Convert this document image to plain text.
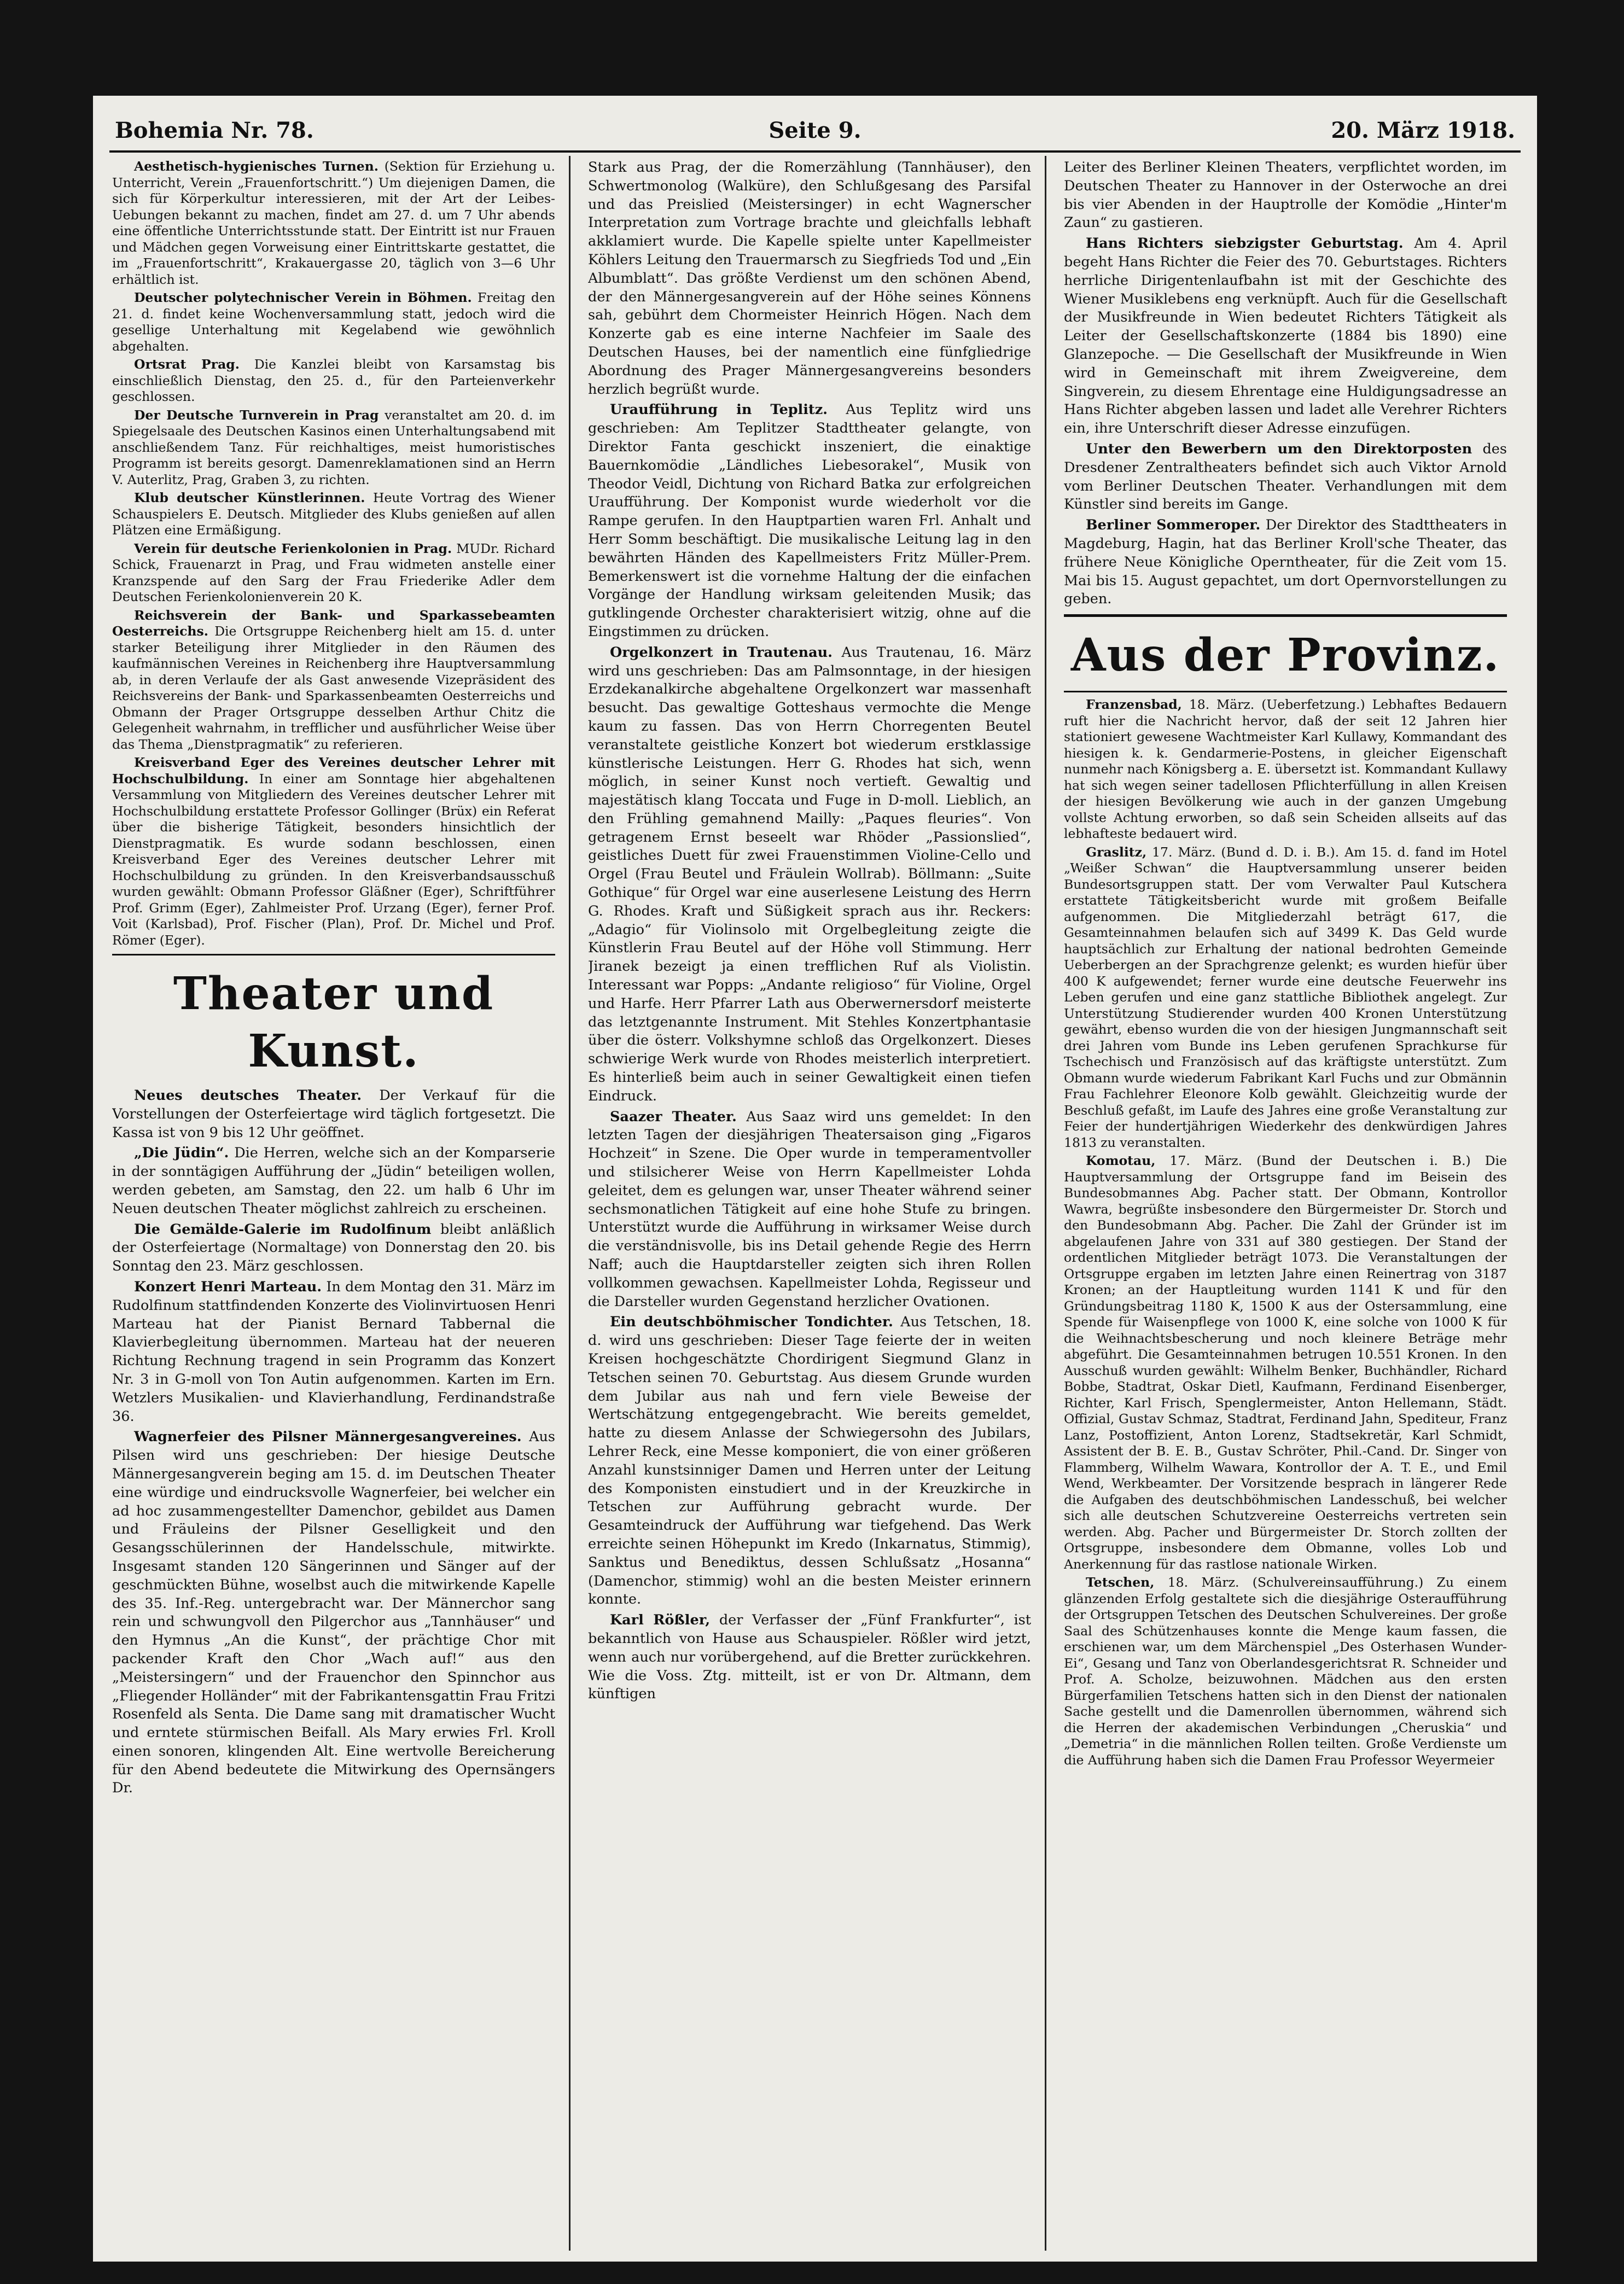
Bohemia Nr. 78.	Seite 9.	20. März 1918.

Aesthetisch-hygienisches Turnen. (Sektion für Erziehung u. Unterricht, Verein „Frauenfortschritt.“) Um diejenigen Damen, die sich für Körperkultur interessieren, mit der Art der Leibes-Uebungen bekannt zu machen, findet am 27. d. um 7 Uhr abends eine öffentliche Unterrichtsstunde statt. Der Eintritt ist nur Frauen und Mädchen gegen Vorweisung einer Eintrittskarte gestattet, die im „Frauenfortschritt“, Krakauergasse 20, täglich von 3—6 Uhr erhältlich ist.

Deutscher polytechnischer Verein in Böhmen. Freitag den 21. d. findet keine Wochenversammlung statt, jedoch wird die gesellige Unterhaltung mit Kegelabend wie gewöhnlich abgehalten.

Ortsrat Prag. Die Kanzlei bleibt von Karsamstag bis einschließlich Dienstag, den 25. d., für den Parteienverkehr geschlossen.

Der Deutsche Turnverein in Prag veranstaltet am 20. d. im Spiegelsaale des Deutschen Kasinos einen Unterhaltungsabend mit anschließendem Tanz. Für reichhaltiges, meist humoristisches Programm ist bereits gesorgt. Damenreklamationen sind an Herrn V. Auterlitz, Prag, Graben 3, zu richten.

Klub deutscher Künstlerinnen. Heute Vortrag des Wiener Schauspielers E. Deutsch. Mitglieder des Klubs genießen auf allen Plätzen eine Ermäßigung.

Verein für deutsche Ferienkolonien in Prag. MUDr. Richard Schick, Frauenarzt in Prag, und Frau widmeten anstelle einer Kranzspende auf den Sarg der Frau Friederike Adler dem Deutschen Ferienkolonienverein 20 K.

Reichsverein der Bank- und Sparkassebeamten Oesterreichs. Die Ortsgruppe Reichenberg hielt am 15. d. unter starker Beteiligung ihrer Mitglieder in den Räumen des kaufmännischen Vereines in Reichenberg ihre Hauptversammlung ab, in deren Verlaufe der als Gast anwesende Vizepräsident des Reichsvereins der Bank- und Sparkassenbeamten Oesterreichs und Obmann der Prager Ortsgruppe desselben Arthur Chitz die Gelegenheit wahrnahm, in trefflicher und ausführlicher Weise über das Thema „Dienstpragmatik“ zu referieren.

Kreisverband Eger des Vereines deutscher Lehrer mit Hochschulbildung. In einer am Sonntage hier abgehaltenen Versammlung von Mitgliedern des Vereines deutscher Lehrer mit Hochschulbildung erstattete Professor Gollinger (Brüx) ein Referat über die bisherige Tätigkeit, besonders hinsichtlich der Dienstpragmatik. Es wurde sodann beschlossen, einen Kreisverband Eger des Vereines deutscher Lehrer mit Hochschulbildung zu gründen. In den Kreisverbandsausschuß wurden gewählt: Obmann Professor Gläßner (Eger), Schriftführer Prof. Grimm (Eger), Zahlmeister Prof. Urzang (Eger), ferner Prof. Voit (Karlsbad), Prof. Fischer (Plan), Prof. Dr. Michel und Prof. Römer (Eger).

Theater und Kunst.

Neues deutsches Theater. Der Verkauf für die Vorstellungen der Osterfeiertage wird täglich fortgesetzt. Die Kassa ist von 9 bis 12 Uhr geöffnet.

„Die Jüdin“. Die Herren, welche sich an der Komparserie in der sonntägigen Aufführung der „Jüdin“ beteiligen wollen, werden gebeten, am Samstag, den 22. um halb 6 Uhr im Neuen deutschen Theater möglichst zahlreich zu erscheinen.

Die Gemälde-Galerie im Rudolfinum bleibt anläßlich der Osterfeiertage (Normaltage) von Donnerstag den 20. bis Sonntag den 23. März geschlossen.

Konzert Henri Marteau. In dem Montag den 31. März im Rudolfinum stattfindenden Konzerte des Violinvirtuosen Henri Marteau hat der Pianist Bernard Tabbernal die Klavierbegleitung übernommen. Marteau hat der neueren Richtung Rechnung tragend in sein Programm das Konzert Nr. 3 in G-moll von Ton Autin aufgenommen. Karten im Ern. Wetzlers Musikalien- und Klavierhandlung, Ferdinandstraße 36.

Wagnerfeier des Pilsner Männergesangvereines. Aus Pilsen wird uns geschrieben: Der hiesige Deutsche Männergesangverein beging am 15. d. im Deutschen Theater eine würdige und eindrucksvolle Wagnerfeier, bei welcher ein ad hoc zusammengestellter Damenchor, gebildet aus Damen und Fräuleins der Pilsner Geselligkeit und den Gesangsschülerinnen der Handelsschule, mitwirkte. Insgesamt standen 120 Sängerinnen und Sänger auf der geschmückten Bühne, woselbst auch die mitwirkende Kapelle des 35. Inf.-Reg. untergebracht war. Der Männerchor sang rein und schwungvoll den Pilgerchor aus „Tannhäuser“ und den Hymnus „An die Kunst“, der prächtige Chor mit packender Kraft den Chor „Wach auf!“ aus den „Meistersingern“ und der Frauenchor den Spinnchor aus „Fliegender Holländer“ mit der Fabrikantensgattin Frau Fritzi Rosenfeld als Senta. Die Dame sang mit dramatischer Wucht und erntete stürmischen Beifall. Als Mary erwies Frl. Kroll einen sonoren, klingenden Alt. Eine wertvolle Bereicherung für den Abend bedeutete die Mitwirkung des Opernsängers Dr.

Stark aus Prag, der die Romerzählung (Tannhäuser), den Schwertmonolog (Walküre), den Schlußgesang des Parsifal und das Preislied (Meistersinger) in echt Wagnerscher Interpretation zum Vortrage brachte und gleichfalls lebhaft akklamiert wurde. Die Kapelle spielte unter Kapellmeister Köhlers Leitung den Trauermarsch zu Siegfrieds Tod und „Ein Albumblatt“. Das größte Verdienst um den schönen Abend, der den Männergesangverein auf der Höhe seines Könnens sah, gebührt dem Chormeister Heinrich Högen. Nach dem Konzerte gab es eine interne Nachfeier im Saale des Deutschen Hauses, bei der namentlich eine fünfgliedrige Abordnung des Prager Männergesangvereins besonders herzlich begrüßt wurde.

Uraufführung in Teplitz. Aus Teplitz wird uns geschrieben: Am Teplitzer Stadttheater gelangte, von Direktor Fanta geschickt inszeniert, die einaktige Bauernkomödie „Ländliches Liebesorakel“, Musik von Theodor Veidl, Dichtung von Richard Batka zur erfolgreichen Uraufführung. Der Komponist wurde wiederholt vor die Rampe gerufen. In den Hauptpartien waren Frl. Anhalt und Herr Somm beschäftigt. Die musikalische Leitung lag in den bewährten Händen des Kapellmeisters Fritz Müller-Prem. Bemerkenswert ist die vornehme Haltung der die einfachen Vorgänge der Handlung wirksam geleitenden Musik; das gutklingende Orchester charakterisiert witzig, ohne auf die Eingstimmen zu drücken.

Orgelkonzert in Trautenau. Aus Trautenau, 16. März wird uns geschrieben: Das am Palmsonntage, in der hiesigen Erzdekanalkirche abgehaltene Orgelkonzert war massenhaft besucht. Das gewaltige Gotteshaus vermochte die Menge kaum zu fassen. Das von Herrn Chorregenten Beutel veranstaltete geistliche Konzert bot wiederum erstklassige künstlerische Leistungen. Herr G. Rhodes hat sich, wenn möglich, in seiner Kunst noch vertieft. Gewaltig und majestätisch klang Toccata und Fuge in D-moll. Lieblich, an den Frühling gemahnend Mailly: „Paques fleuries“. Von getragenem Ernst beseelt war Rhöder „Passionslied“, geistliches Duett für zwei Frauenstimmen Violine-Cello und Orgel (Frau Beutel und Fräulein Wollrab). Böllmann: „Suite Gothique“ für Orgel war eine auserlesene Leistung des Herrn G. Rhodes. Kraft und Süßigkeit sprach aus ihr. Reckers: „Adagio“ für Violinsolo mit Orgelbegleitung zeigte die Künstlerin Frau Beutel auf der Höhe voll Stimmung. Herr Jiranek bezeigt ja einen trefflichen Ruf als Violistin. Interessant war Popps: „Andante religioso“ für Violine, Orgel und Harfe. Herr Pfarrer Lath aus Oberwernersdorf meisterte das letztgenannte Instrument. Mit Stehles Konzertphantasie über die österr. Volkshymne schloß das Orgelkonzert. Dieses schwierige Werk wurde von Rhodes meisterlich interpretiert. Es hinterließ beim auch in seiner Gewaltigkeit einen tiefen Eindruck.

Saazer Theater. Aus Saaz wird uns gemeldet: In den letzten Tagen der diesjährigen Theatersaison ging „Figaros Hochzeit“ in Szene. Die Oper wurde in temperamentvoller und stilsicherer Weise von Herrn Kapellmeister Lohda geleitet, dem es gelungen war, unser Theater während seiner sechsmonatlichen Tätigkeit auf eine hohe Stufe zu bringen. Unterstützt wurde die Aufführung in wirksamer Weise durch die verständnisvolle, bis ins Detail gehende Regie des Herrn Naff; auch die Hauptdarsteller zeigten sich ihren Rollen vollkommen gewachsen. Kapellmeister Lohda, Regisseur und die Darsteller wurden Gegenstand herzlicher Ovationen.

Ein deutschböhmischer Tondichter. Aus Tetschen, 18. d. wird uns geschrieben: Dieser Tage feierte der in weiten Kreisen hochgeschätzte Chordirigent Siegmund Glanz in Tetschen seinen 70. Geburtstag. Aus diesem Grunde wurden dem Jubilar aus nah und fern viele Beweise der Wertschätzung entgegengebracht. Wie bereits gemeldet, hatte zu diesem Anlasse der Schwiegersohn des Jubilars, Lehrer Reck, eine Messe komponiert, die von einer größeren Anzahl kunstsinniger Damen und Herren unter der Leitung des Komponisten einstudiert und in der Kreuzkirche in Tetschen zur Aufführung gebracht wurde. Der Gesamteindruck der Aufführung war tiefgehend. Das Werk erreichte seinen Höhepunkt im Kredo (Inkarnatus, Stimmig), Sanktus und Benediktus, dessen Schlußsatz „Hosanna“ (Damenchor, stimmig) wohl an die besten Meister erinnern konnte.

Karl Rößler, der Verfasser der „Fünf Frankfurter“, ist bekanntlich von Hause aus Schauspieler. Rößler wird jetzt, wenn auch nur vorübergehend, auf die Bretter zurückkehren. Wie die Voss. Ztg. mitteilt, ist er von Dr. Altmann, dem künftigen

Leiter des Berliner Kleinen Theaters, verpflichtet worden, im Deutschen Theater zu Hannover in der Osterwoche an drei bis vier Abenden in der Hauptrolle der Komödie „Hinter'm Zaun“ zu gastieren.

Hans Richters siebzigster Geburtstag. Am 4. April begeht Hans Richter die Feier des 70. Geburtstages. Richters herrliche Dirigentenlaufbahn ist mit der Geschichte des Wiener Musiklebens eng verknüpft. Auch für die Gesellschaft der Musikfreunde in Wien bedeutet Richters Tätigkeit als Leiter der Gesellschaftskonzerte (1884 bis 1890) eine Glanzepoche. — Die Gesellschaft der Musikfreunde in Wien wird in Gemeinschaft mit ihrem Zweigvereine, dem Singverein, zu diesem Ehrentage eine Huldigungsadresse an Hans Richter abgeben lassen und ladet alle Verehrer Richters ein, ihre Unterschrift dieser Adresse einzufügen.

Unter den Bewerbern um den Direktorposten des Dresdener Zentraltheaters befindet sich auch Viktor Arnold vom Berliner Deutschen Theater. Verhandlungen mit dem Künstler sind bereits im Gange.

Berliner Sommeroper. Der Direktor des Stadttheaters in Magdeburg, Hagin, hat das Berliner Kroll'sche Theater, das frühere Neue Königliche Operntheater, für die Zeit vom 15. Mai bis 15. August gepachtet, um dort Opernvorstellungen zu geben.

Aus der Provinz.

Franzensbad, 18. März. (Ueberfetzung.) Lebhaftes Bedauern ruft hier die Nachricht hervor, daß der seit 12 Jahren hier stationiert gewesene Wachtmeister Karl Kullawy, Kommandant des hiesigen k. k. Gendarmerie-Postens, in gleicher Eigenschaft nunmehr nach Königsberg a. E. übersetzt ist. Kommandant Kullawy hat sich wegen seiner tadellosen Pflichterfüllung in allen Kreisen der hiesigen Bevölkerung wie auch in der ganzen Umgebung vollste Achtung erworben, so daß sein Scheiden allseits auf das lebhafteste bedauert wird.

Graslitz, 17. März. (Bund d. D. i. B.). Am 15. d. fand im Hotel „Weißer Schwan“ die Hauptversammlung unserer beiden Bundesortsgruppen statt. Der vom Verwalter Paul Kutschera erstattete Tätigkeitsbericht wurde mit großem Beifalle aufgenommen. Die Mitgliederzahl beträgt 617, die Gesamteinnahmen belaufen sich auf 3499 K. Das Geld wurde hauptsächlich zur Erhaltung der national bedrohten Gemeinde Ueberbergen an der Sprachgrenze gelenkt; es wurden hiefür über 400 K aufgewendet; ferner wurde eine deutsche Feuerwehr ins Leben gerufen und eine ganz stattliche Bibliothek angelegt. Zur Unterstützung Studierender wurden 400 Kronen Unterstützung gewährt, ebenso wurden die von der hiesigen Jungmannschaft seit drei Jahren vom Bunde ins Leben gerufenen Sprachkurse für Tschechisch und Französisch auf das kräftigste unterstützt. Zum Obmann wurde wiederum Fabrikant Karl Fuchs und zur Obmännin Frau Fachlehrer Eleonore Kolb gewählt. Gleichzeitig wurde der Beschluß gefaßt, im Laufe des Jahres eine große Veranstaltung zur Feier der hundertjährigen Wiederkehr des denkwürdigen Jahres 1813 zu veranstalten.

Komotau, 17. März. (Bund der Deutschen i. B.) Die Hauptversammlung der Ortsgruppe fand im Beisein des Bundesobmannes Abg. Pacher statt. Der Obmann, Kontrollor Wawra, begrüßte insbesondere den Bürgermeister Dr. Storch und den Bundesobmann Abg. Pacher. Die Zahl der Gründer ist im abgelaufenen Jahre von 331 auf 380 gestiegen. Der Stand der ordentlichen Mitglieder beträgt 1073. Die Veranstaltungen der Ortsgruppe ergaben im letzten Jahre einen Reinertrag von 3187 Kronen; an der Hauptleitung wurden 1141 K und für den Gründungsbeitrag 1180 K, 1500 K aus der Ostersammlung, eine Spende für Waisenpflege von 1000 K, eine solche von 1000 K für die Weihnachtsbescherung und noch kleinere Beträge mehr abgeführt. Die Gesamteinnahmen betrugen 10.551 Kronen. In den Ausschuß wurden gewählt: Wilhelm Benker, Buchhändler, Richard Bobbe, Stadtrat, Oskar Dietl, Kaufmann, Ferdinand Eisenberger, Richter, Karl Frisch, Spenglermeister, Anton Hellemann, Städt. Offizial, Gustav Schmaz, Stadtrat, Ferdinand Jahn, Spediteur, Franz Lanz, Postoffizient, Anton Lorenz, Stadtsekretär, Karl Schmidt, Assistent der B. E. B., Gustav Schröter, Phil.-Cand. Dr. Singer von Flammberg, Wilhelm Wawara, Kontrollor der A. T. E., und Emil Wend, Werkbeamter. Der Vorsitzende besprach in längerer Rede die Aufgaben des deutschböhmischen Landesschuß, bei welcher sich alle deutschen Schutzvereine Oesterreichs vertreten sein werden. Abg. Pacher und Bürgermeister Dr. Storch zollten der Ortsgruppe, insbesondere dem Obmanne, volles Lob und Anerkennung für das rastlose nationale Wirken.

Tetschen, 18. März. (Schulvereinsaufführung.) Zu einem glänzenden Erfolg gestaltete sich die diesjährige Osteraufführung der Ortsgruppen Tetschen des Deutschen Schulvereines. Der große Saal des Schützenhauses konnte die Menge kaum fassen, die erschienen war, um dem Märchenspiel „Des Osterhasen Wunder-Ei“, Gesang und Tanz von Oberlandesgerichtsrat R. Schneider und Prof. A. Scholze, beizuwohnen. Mädchen aus den ersten Bürgerfamilien Tetschens hatten sich in den Dienst der nationalen Sache gestellt und die Damenrollen übernommen, während sich die Herren der akademischen Verbindungen „Cheruskia“ und „Demetria“ in die männlichen Rollen teilten. Große Verdienste um die Aufführung haben sich die Damen Frau Professor Weyermeier
